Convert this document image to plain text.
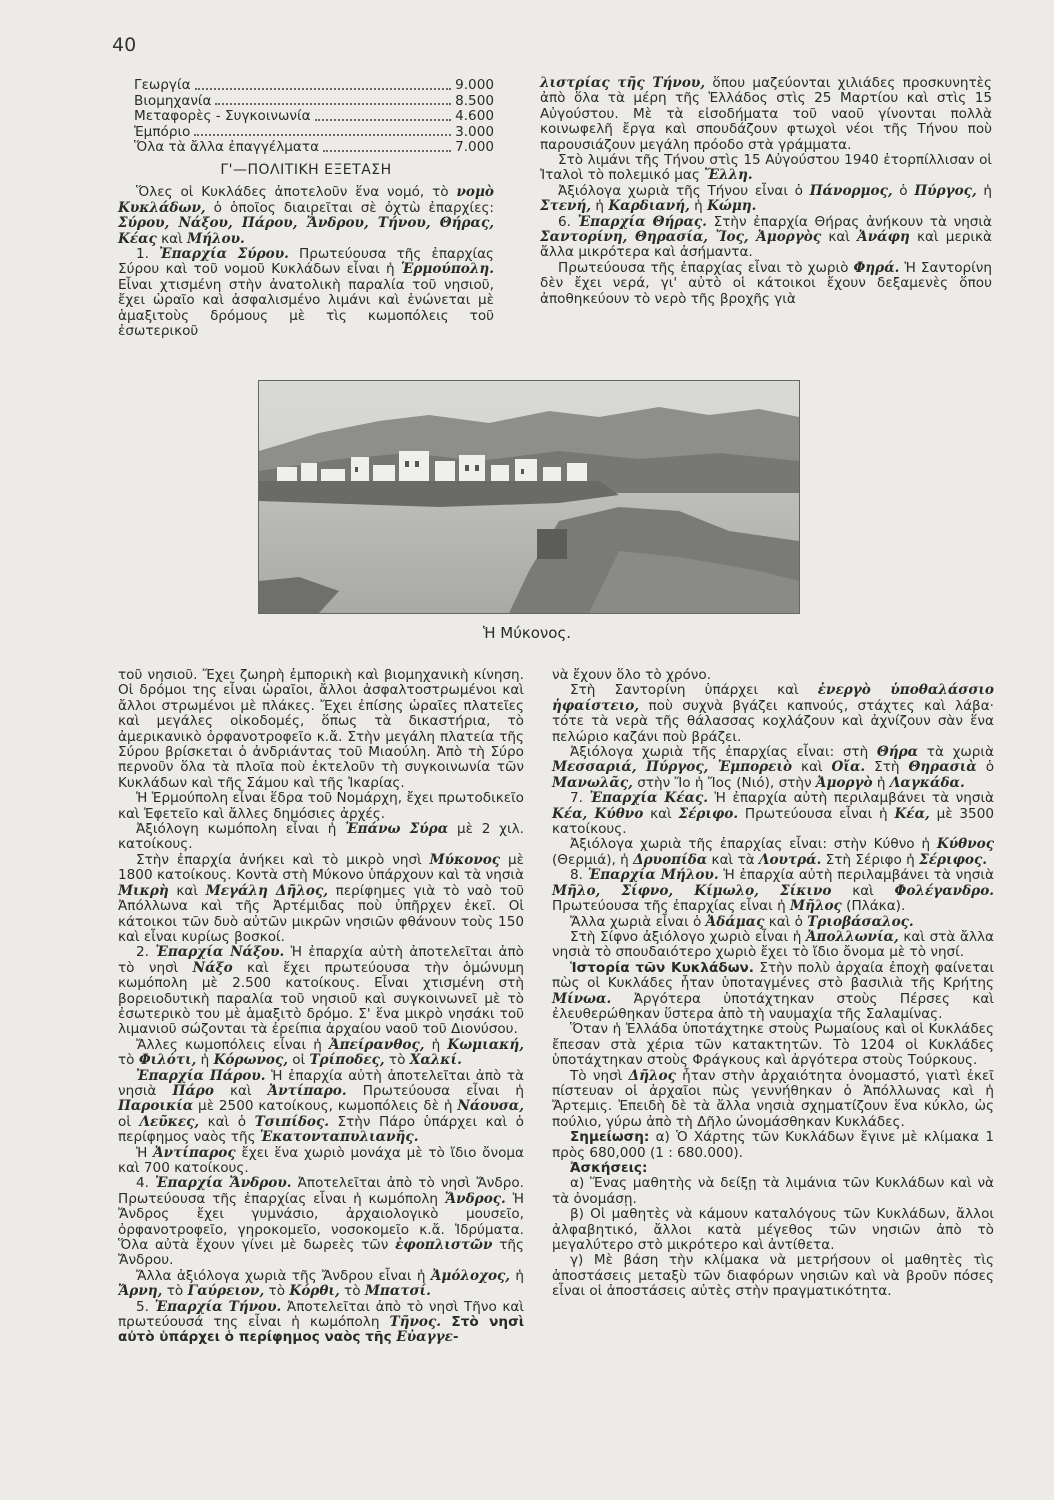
40
Γεωργία	9.000
Βιομηχανία	8.500
Μεταφορὲς - Συγκοινωνία	4.600
Ἐμπόριο	3.000
Ὅλα τὰ ἄλλα ἐπαγγέλματα	7.000
Γ'—ΠΟΛΙΤΙΚΗ ΕΞΕΤΑΣΗ

Ὅλες οἱ Κυκλάδες ἀποτελοῦν ἕνα νομό, τὸ νομὸ Κυκλάδων, ὁ ὁποῖος διαιρεῖται σὲ ὀχτὼ ἐπαρχίες: Σύρου, Νάξου, Πάρου, Ἄνδρου, Τήνου, Θήρας, Κέας καὶ Μήλου.

1. Ἐπαρχία Σύρου. Πρωτεύουσα τῆς ἐπαρχίας Σύρου καὶ τοῦ νομοῦ Κυκλάδων εἶναι ἡ Ἑρμούπολη. Εἶναι χτισμένη στὴν ἀνατολικὴ παραλία τοῦ νησιοῦ, ἔχει ὡραῖο καὶ ἀσφαλισμένο λιμάνι καὶ ἑνώνεται μὲ ἁμαξιτοὺς δρόμους μὲ τὶς κωμοπόλεις τοῦ ἐσωτερικοῦ

λιστρίας τῆς Τήνου, ὅπου μαζεύονται χιλιάδες προσκυνητὲς ἀπὸ ὅλα τὰ μέρη τῆς Ἑλλάδος στὶς 25 Μαρτίου καὶ στὶς 15 Αὐγούστου. Μὲ τὰ εἰσοδήματα τοῦ ναοῦ γίνονται πολλὰ κοινωφελῆ ἔργα καὶ σπουδάζουν φτωχοὶ νέοι τῆς Τήνου ποὺ παρουσιάζουν μεγάλη πρόοδο στὰ γράμματα.

Στὸ λιμάνι τῆς Τήνου στὶς 15 Αὐγούστου 1940 ἐτορπίλλισαν οἱ Ἰταλοὶ τὸ πολεμικό μας Ἔλλη.

Ἀξιόλογα χωριὰ τῆς Τήνου εἶναι ὁ Πάνορμος, ὁ Πύργος, ἡ Στενή, ἡ Καρδιανή, ἡ Κώμη.

6. Ἐπαρχία Θήρας. Στὴν ἐπαρχία Θήρας ἀνήκουν τὰ νησιὰ Σαντορίνη, Θηρασία, Ἴος, Ἀμοργὸς καὶ Ἀνάφη καὶ μερικὰ ἄλλα μικρότερα καὶ ἀσήμαντα.

Πρωτεύουσα τῆς ἐπαρχίας εἶναι τὸ χωριὸ Φηρά. Ἡ Σαντορίνη δὲν ἔχει νερά, γι' αὐτὸ οἱ κάτοικοι ἔχουν δεξαμενὲς ὅπου ἀποθηκεύουν τὸ νερὸ τῆς βροχῆς γιὰ

Ἡ Μύκονος.

τοῦ νησιοῦ. Ἔχει ζωηρὴ ἐμπορικὴ καὶ βιομηχανικὴ κίνηση. Οἱ δρόμοι της εἶναι ὡραῖοι, ἄλλοι ἀσφαλτοστρωμένοι καὶ ἄλλοι στρωμένοι μὲ πλάκες. Ἔχει ἐπίσης ὡραῖες πλατεῖες καὶ μεγάλες οἰκοδομές, ὅπως τὰ δικαστήρια, τὸ ἀμερικανικὸ ὀρφανοτροφεῖο κ.ἄ. Στὴν μεγάλη πλατεία τῆς Σύρου βρίσκεται ὁ ἀνδριάντας τοῦ Μιαούλη. Ἀπὸ τὴ Σύρο περνοῦν ὅλα τὰ πλοῖα ποὺ ἐκτελοῦν τὴ συγκοινωνία τῶν Κυκλάδων καὶ τῆς Σάμου καὶ τῆς Ἰκαρίας.

Ἡ Ἑρμούπολη εἶναι ἕδρα τοῦ Νομάρχη, ἔχει πρωτοδικεῖο καὶ Ἐφετεῖο καὶ ἄλλες δημόσιες ἀρχές.

Ἀξιόλογη κωμόπολη εἶναι ἡ Ἐπάνω Σύρα μὲ 2 χιλ. κατοίκους.

Στὴν ἐπαρχία ἀνήκει καὶ τὸ μικρὸ νησὶ Μύκονος μὲ 1800 κατοίκους. Κοντὰ στὴ Μύκονο ὑπάρχουν καὶ τὰ νησιὰ Μικρὴ καὶ Μεγάλη Δῆλος, περίφημες γιὰ τὸ ναὸ τοῦ Ἀπόλλωνα καὶ τῆς Ἀρτέμιδας ποὺ ὑπῆρχεν ἐκεῖ. Οἱ κάτοικοι τῶν δυὸ αὐτῶν μικρῶν νησιῶν φθάνουν τοὺς 150 καὶ εἶναι κυρίως βοσκοί.

2. Ἐπαρχία Νάξου. Ἡ ἐπαρχία αὐτὴ ἀποτελεῖται ἀπὸ τὸ νησὶ Νάξο καὶ ἔχει πρωτεύουσα τὴν ὁμώνυμη κωμόπολη μὲ 2.500 κατοίκους. Εἶναι χτισμένη στὴ βορειοδυτικὴ παραλία τοῦ νησιοῦ καὶ συγκοινωνεῖ μὲ τὸ ἐσωτερικὸ του μὲ ἁμαξιτὸ δρόμο. Σ' ἕνα μικρὸ νησάκι τοῦ λιμανιοῦ σώζονται τὰ ἐρείπια ἀρχαίου ναοῦ τοῦ Διονύσου.

Ἄλλες κωμοπόλεις εἶναι ἡ Ἀπείρανθος, ἡ Κωμιακή, τὸ Φιλότι, ἡ Κόρωνος, οἱ Τρίποδες, τὸ Χαλκί.

Ἐπαρχία Πάρου. Ἡ ἐπαρχία αὐτὴ ἀποτελεῖται ἀπὸ τὰ νησιὰ Πάρο καὶ Ἀντίπαρο. Πρωτεύουσα εἶναι ἡ Παροικία μὲ 2500 κατοίκους, κωμοπόλεις δὲ ἡ Νάουσα, οἱ Λεῦκες, καὶ ὁ Τσιπίδος. Στὴν Πάρο ὑπάρχει καὶ ὁ περίφημος ναὸς τῆς Ἑκατονταπυλιανῆς.

Ἡ Ἀντίπαρος ἔχει ἕνα χωριὸ μονάχα μὲ τὸ ἴδιο ὄνομα καὶ 700 κατοίκους.

4. Ἐπαρχία Ἄνδρου. Ἀποτελεῖται ἀπὸ τὸ νησὶ Ἄνδρο. Πρωτεύουσα τῆς ἐπαρχίας εἶναι ἡ κωμόπολη Ἄνδρος. Ἡ Ἄνδρος ἔχει γυμνάσιο, ἀρχαιολογικὸ μουσεῖο, ὀρφανοτροφεῖο, γηροκομεῖο, νοσοκομεῖο κ.ἄ. Ἱδρύματα. Ὅλα αὐτὰ ἔχουν γίνει μὲ δωρεὲς τῶν ἐφοπλιστῶν τῆς Ἄνδρου.

Ἄλλα ἀξιόλογα χωριὰ τῆς Ἄνδρου εἶναι ἡ Ἀμόλοχος, ἡ Ἄρνη, τὸ Γαύρειον, τὸ Κόρθι, τὸ Μπατσί.

5. Ἐπαρχία Τήνου. Ἀποτελεῖται ἀπὸ τὸ νησὶ Τῆνο καὶ πρωτεύουσά της εἶναι ἡ κωμόπολη Τῆνος. Στὸ νησὶ αὐτὸ ὑπάρχει ὁ περίφημος ναὸς τῆς Εὐαγγε-

νὰ ἔχουν ὅλο τὸ χρόνο.

Στὴ Σαντορίνη ὑπάρχει καὶ ἐνεργὸ ὑποθαλάσσιο ἡφαίστειο, ποὺ συχνὰ βγάζει καπνούς, στάχτες καὶ λάβα· τότε τὰ νερὰ τῆς θάλασσας κοχλάζουν καὶ ἀχνίζουν σὰν ἕνα πελώριο καζάνι ποὺ βράζει.

Ἀξιόλογα χωριὰ τῆς ἐπαρχίας εἶναι: στὴ Θήρα τὰ χωριὰ Μεσσαριά, Πύργος, Ἐμπορειὸ καὶ Οἴα. Στὴ Θηρασιὰ ὁ Μανωλᾶς, στὴν Ἴο ἡ Ἴος (Νιό), στὴν Ἀμοργὸ ἡ Λαγκάδα.

7. Ἐπαρχία Κέας. Ἡ ἐπαρχία αὐτὴ περιλαμβάνει τὰ νησιὰ Κέα, Κύθνο καὶ Σέριφο. Πρωτεύουσα εἶναι ἡ Κέα, μὲ 3500 κατοίκους.

Ἀξιόλογα χωριὰ τῆς ἐπαρχίας εἶναι: στὴν Κύθνο ἡ Κύθνος (Θερμιά), ἡ Δρυοπίδα καὶ τὰ Λουτρά. Στὴ Σέριφο ἡ Σέριφος.

8. Ἐπαρχία Μήλου. Ἡ ἐπαρχία αὐτὴ περιλαμβάνει τὰ νησιὰ Μῆλο, Σίφνο, Κίμωλο, Σίκινο καὶ Φολέγανδρο. Πρωτεύουσα τῆς ἐπαρχίας εἶναι ἡ Μῆλος (Πλάκα).

Ἄλλα χωριὰ εἶναι ὁ Ἀδάμας καὶ ὁ Τριοβάσαλος.

Στὴ Σίφνο ἀξιόλογο χωριὸ εἶναι ἡ Ἀπολλωνία, καὶ στὰ ἄλλα νησιὰ τὸ σπουδαιότερο χωριὸ ἔχει τὸ ἴδιο ὄνομα μὲ τὸ νησί.

Ἱστορία τῶν Κυκλάδων. Στὴν πολὺ ἀρχαία ἐποχὴ φαίνεται πὼς οἱ Κυκλάδες ἦταν ὑποταγμένες στὸ βασιλιὰ τῆς Κρήτης Μίνωα. Ἀργότερα ὑποτάχτηκαν στοὺς Πέρσες καὶ ἐλευθερώθηκαν ὕστερα ἀπὸ τὴ ναυμαχία τῆς Σαλαμίνας.

Ὅταν ἡ Ἑλλάδα ὑποτάχτηκε στοὺς Ρωμαίους καὶ οἱ Κυκλάδες ἔπεσαν στὰ χέρια τῶν κατακτητῶν. Τὸ 1204 οἱ Κυκλάδες ὑποτάχτηκαν στοὺς Φράγκους καὶ ἀργότερα στοὺς Τούρκους.

Τὸ νησὶ Δῆλος ἦταν στὴν ἀρχαιότητα ὀνομαστό, γιατὶ ἐκεῖ πίστευαν οἱ ἀρχαῖοι πὼς γεννήθηκαν ὁ Ἀπόλλωνας καὶ ἡ Ἄρτεμις. Ἐπειδὴ δὲ τὰ ἄλλα νησιὰ σχηματίζουν ἕνα κύκλο, ὡς πούλιο, γύρω ἀπὸ τὴ Δῆλο ὠνομάσθηκαν Κυκλάδες.

Σημείωση: α) Ὁ Χάρτης τῶν Κυκλάδων ἔγινε μὲ κλίμακα 1 πρὸς 680,000 (1 : 680.000).

Ἀσκήσεις:

α) Ἕνας μαθητὴς νὰ δείξῃ τὰ λιμάνια τῶν Κυκλάδων καὶ νὰ τὰ ὀνομάσῃ.

β) Οἱ μαθητὲς νὰ κάμουν καταλόγους τῶν Κυκλάδων, ἄλλοι ἀλφαβητικό, ἄλλοι κατὰ μέγεθος τῶν νησιῶν ἀπὸ τὸ μεγαλύτερο στὸ μικρότερο καὶ ἀντίθετα.

γ) Μὲ βάση τὴν κλίμακα νὰ μετρήσουν οἱ μαθητὲς τὶς ἀποστάσεις μεταξὺ τῶν διαφόρων νησιῶν καὶ νὰ βροῦν πόσες εἶναι οἱ ἀποστάσεις αὐτὲς στὴν πραγματικότητα.
